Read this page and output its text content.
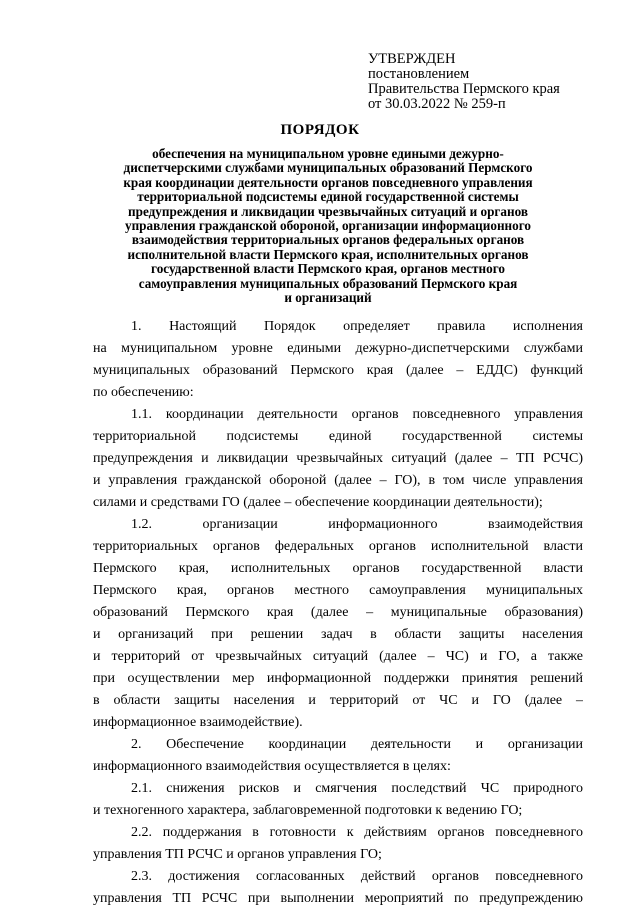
УТВЕРЖДЕН
постановлением
Правительства Пермского края
от 30.03.2022 № 259-п
ПОРЯДОК
обеспечения на муниципальном уровне едиными дежурно-
диспетчерскими службами муниципальных образований Пермского
края координации деятельности органов повседневного управления
территориальной подсистемы единой государственной системы
предупреждения и ликвидации чрезвычайных ситуаций и органов
управления гражданской обороной, организации информационного
взаимодействия территориальных органов федеральных органов
исполнительной власти Пермского края, исполнительных органов
государственной власти Пермского края, органов местного
самоуправления муниципальных образований Пермского края
и организаций
1. Настоящий Порядок определяет правила исполнения
на муниципальном уровне едиными дежурно-диспетчерскими службами
муниципальных образований Пермского края (далее – ЕДДС) функций
по обеспечению:
1.1. координации деятельности органов повседневного управления
территориальной подсистемы единой государственной системы
предупреждения и ликвидации чрезвычайных ситуаций (далее – ТП РСЧС)
и управления гражданской обороной (далее – ГО), в том числе управления
силами и средствами ГО (далее – обеспечение координации деятельности);
1.2. организации информационного взаимодействия
территориальных органов федеральных органов исполнительной власти
Пермского края, исполнительных органов государственной власти
Пермского края, органов местного самоуправления муниципальных
образований Пермского края (далее – муниципальные образования)
и организаций при решении задач в области защиты населения
и территорий от чрезвычайных ситуаций (далее – ЧС) и ГО, а также
при осуществлении мер информационной поддержки принятия решений
в области защиты населения и территорий от ЧС и ГО (далее –
информационное взаимодействие).
2. Обеспечение координации деятельности и организации
информационного взаимодействия осуществляется в целях:
2.1. снижения рисков и смягчения последствий ЧС природного
и техногенного характера, заблаговременной подготовки к ведению ГО;
2.2. поддержания в готовности к действиям органов повседневного
управления ТП РСЧС и органов управления ГО;
2.3. достижения согласованных действий органов повседневного
управления ТП РСЧС при выполнении мероприятий по предупреждению
